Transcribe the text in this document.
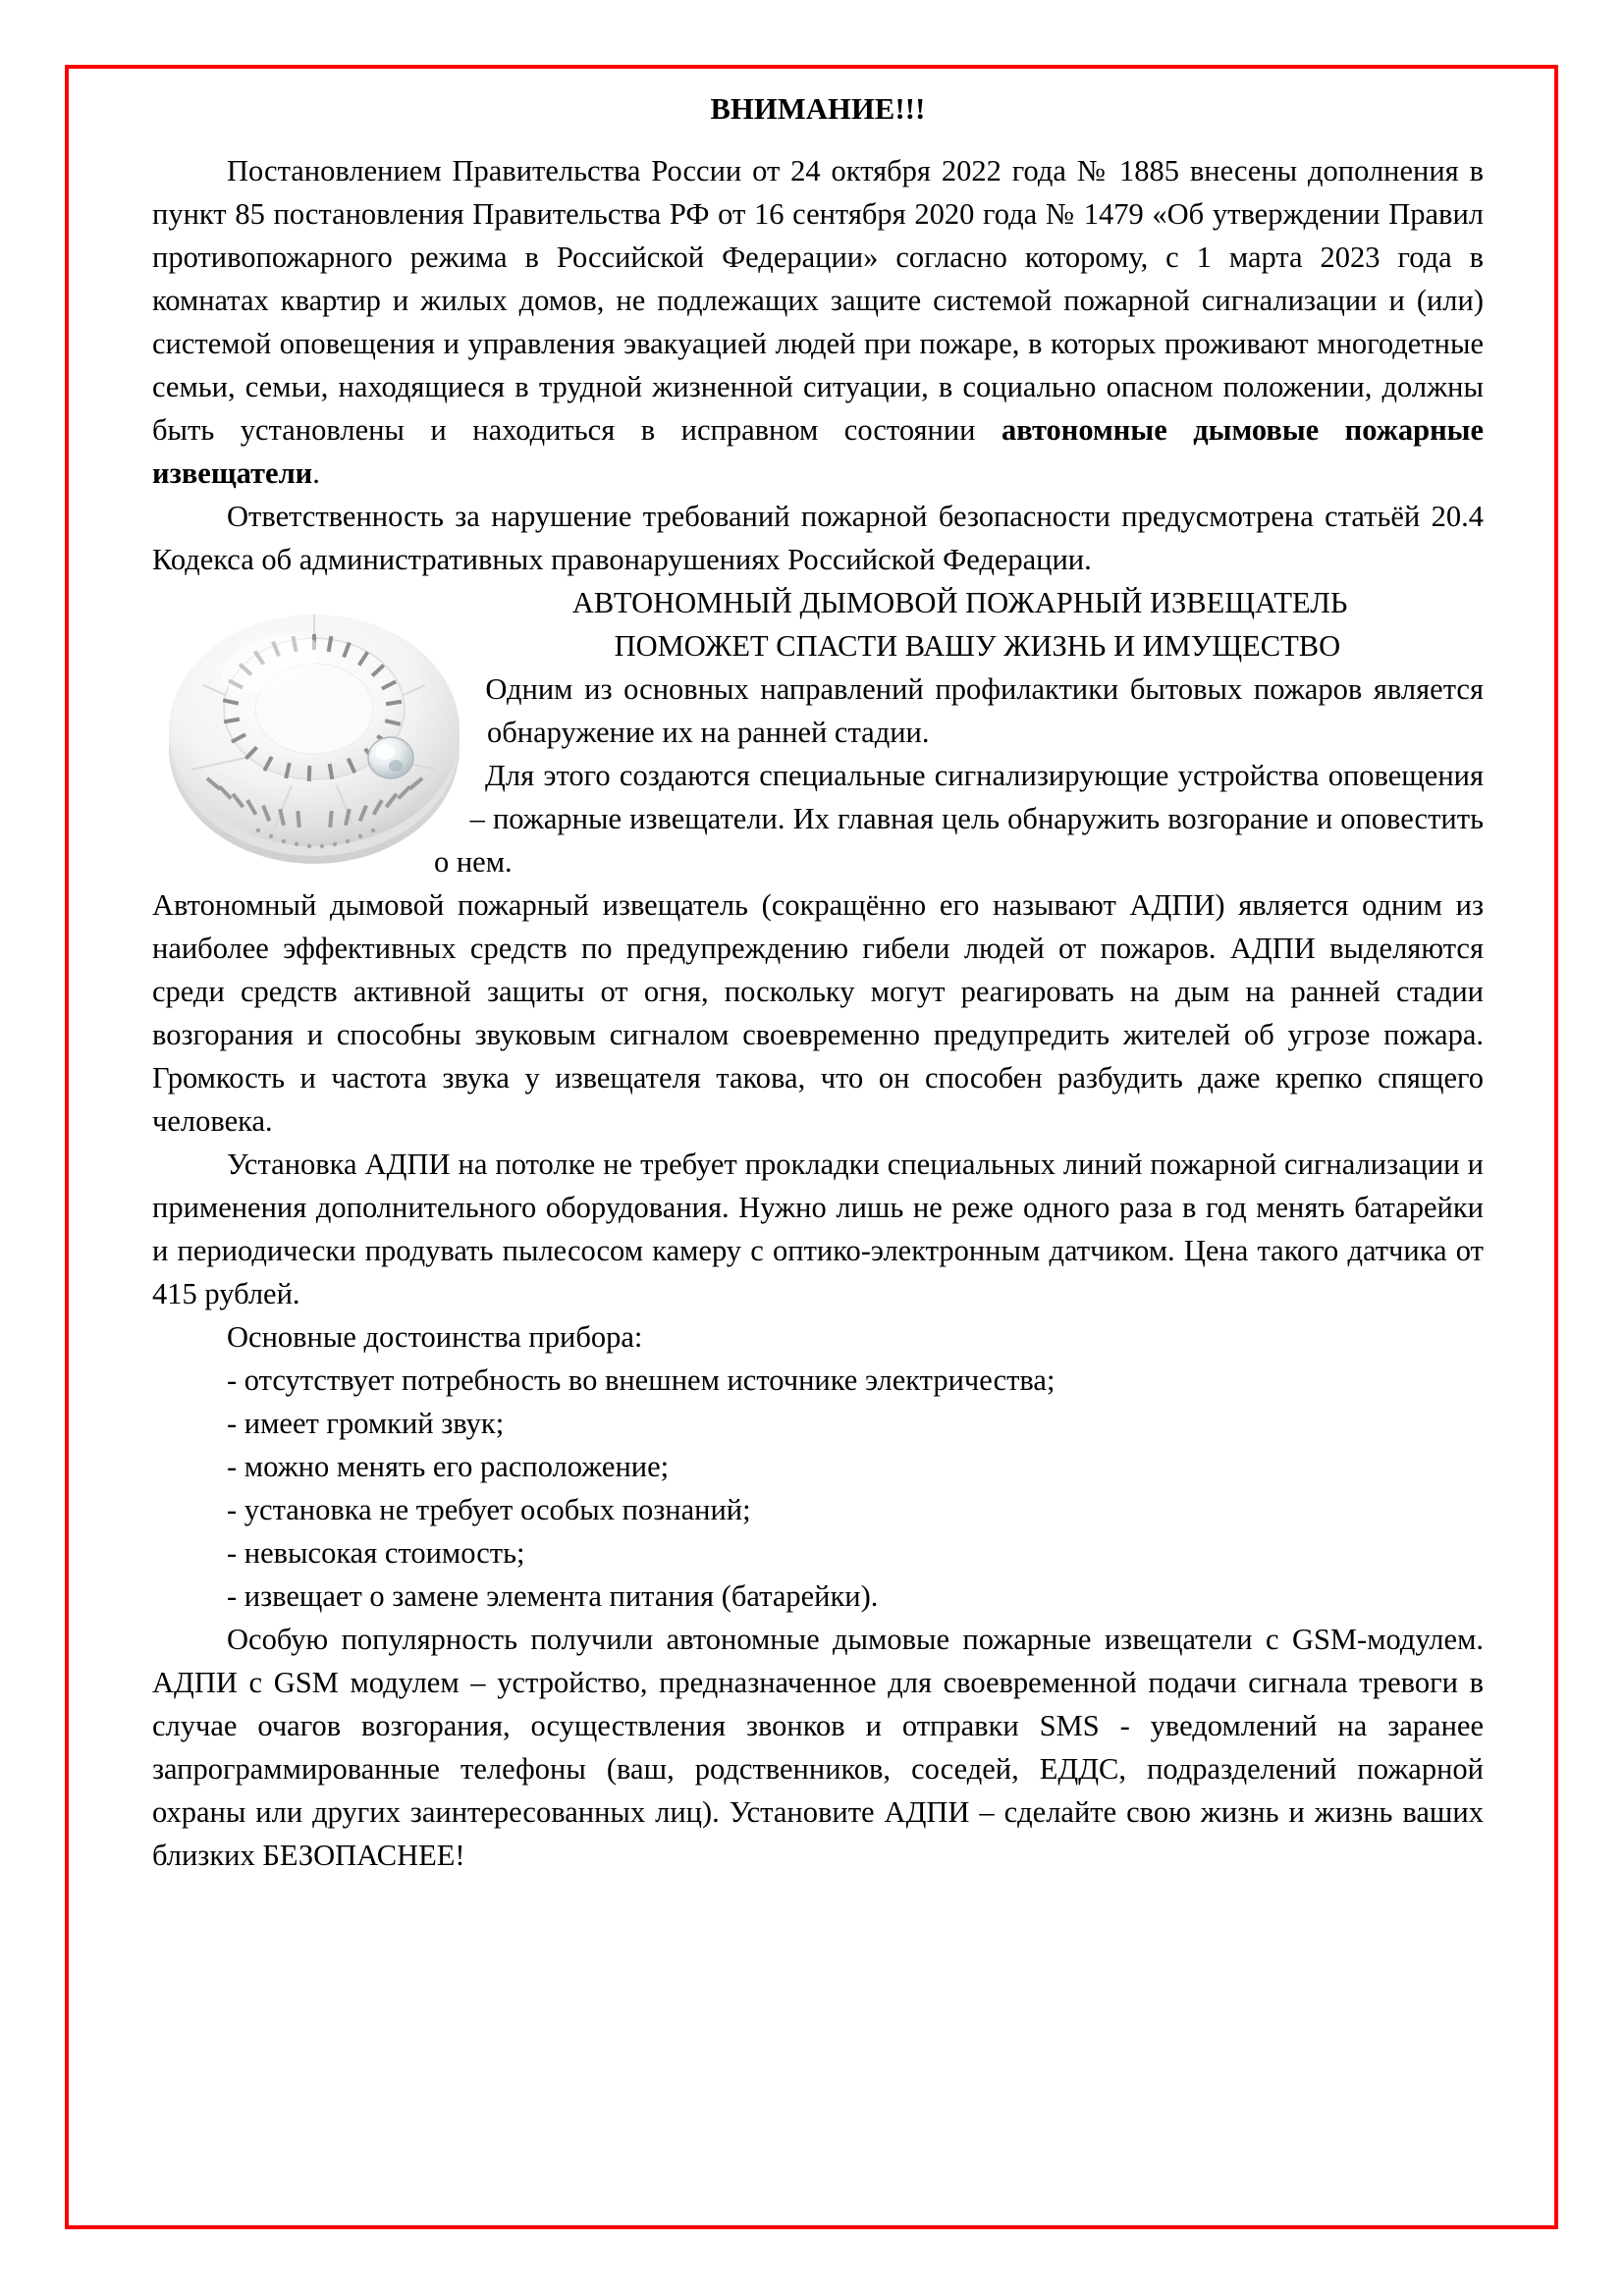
ВНИМАНИЕ!!!

Постановлением Правительства России от 24 октября 2022 года № 1885 внесены дополнения в пункт 85 постановления Правительства РФ от 16 сентября 2020 года № 1479 «Об утверждении Правил противопожарного режима в Российской Федерации» согласно которому, с 1 марта 2023 года в комнатах квартир и жилых домов, не подлежащих защите системой пожарной сигнализации и (или) системой оповещения и управления эвакуацией людей при пожаре, в которых проживают многодетные семьи, семьи, находящиеся в трудной жизненной ситуации, в социально опасном положении, должны быть установлены и находиться в исправном состоянии автономные дымовые пожарные извещатели.

Ответственность за нарушение требований пожарной безопасности предусмотрена статьёй 20.4 Кодекса об административных правонарушениях Российской Федерации.

АВТОНОМНЫЙ ДЫМОВОЙ ПОЖАРНЫЙ ИЗВЕЩАТЕЛЬ

ПОМОЖЕТ СПАСТИ ВАШУ ЖИЗНЬ И ИМУЩЕСТВО

Одним из основных направлений профилактики бытовых пожаров является обнаружение их на ранней стадии.

Для этого создаются специальные сигнализирующие устройства оповещения – пожарные извещатели. Их главная цель обнаружить возгорание и оповестить о нем.

Автономный дымовой пожарный извещатель (сокращённо его называют АДПИ) является одним из наиболее эффективных средств по предупреждению гибели людей от пожаров. АДПИ выделяются среди средств активной защиты от огня, поскольку могут реагировать на дым на ранней стадии возгорания и способны звуковым сигналом своевременно предупредить жителей об угрозе пожара. Громкость и частота звука у извещателя такова, что он способен разбудить даже крепко спящего человека.

Установка АДПИ на потолке не требует прокладки специальных линий пожарной сигнализации и применения дополнительного оборудования. Нужно лишь не реже одного раза в год менять батарейки и периодически продувать пылесосом камеру с оптико-электронным датчиком. Цена такого датчика от 415 рублей.

Основные достоинства прибора:

- отсутствует потребность во внешнем источнике электричества;
- имеет громкий звук;
- можно менять его расположение;
- установка не требует особых познаний;
- невысокая стоимость;
- извещает о замене элемента питания (батарейки).

Особую популярность получили автономные дымовые пожарные извещатели с GSM-модулем. АДПИ с GSM модулем – устройство, предназначенное для своевременной подачи сигнала тревоги в случае очагов возгорания, осуществления звонков и отправки SMS - уведомлений на заранее запрограммированные телефоны (ваш, родственников, соседей, ЕДДС, подразделений пожарной охраны или других заинтересованных лиц). Установите АДПИ – сделайте свою жизнь и жизнь ваших близких БЕЗОПАСНЕЕ!
